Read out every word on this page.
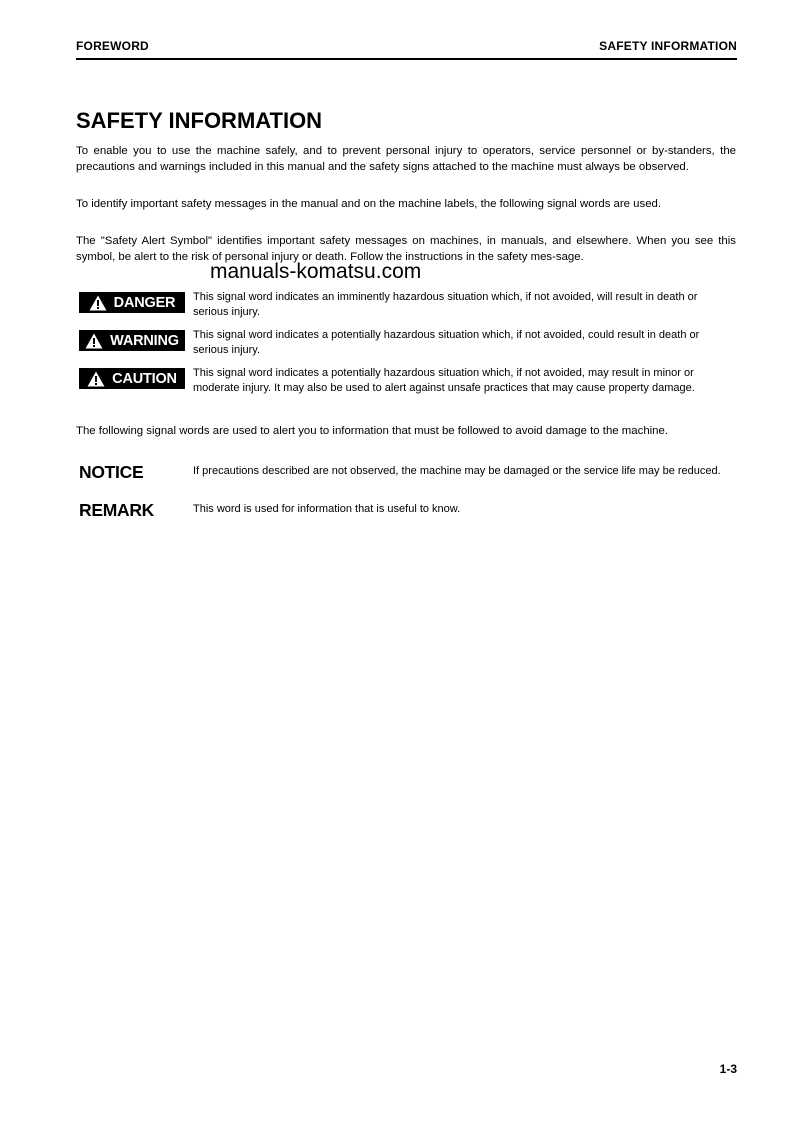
FOREWORD	SAFETY INFORMATION
SAFETY INFORMATION

To enable you to use the machine safely, and to prevent personal injury to operators, service personnel or by-standers, the precautions and warnings included in this manual and the safety signs attached to the machine must always be observed.

To identify important safety messages in the manual and on the machine labels, the following signal words are used.

The "Safety Alert Symbol" identifies important safety messages on machines, in manuals, and elsewhere. When you see this symbol, be alert to the risk of personal injury or death. Follow the instructions in the safety mes-sage.

manuals-komatsu.com
DANGER This signal word indicates an imminently hazardous situation which, if not avoided, will result in death or serious injury.

WARNING This signal word indicates a potentially hazardous situation which, if not avoided, could result in death or serious injury.

CAUTION This signal word indicates a potentially hazardous situation which, if not avoided, may result in minor or moderate injury. It may also be used to alert against unsafe practices that may cause property damage.

The following signal words are used to alert you to information that must be followed to avoid damage to the machine.

NOTICE	If precautions described are not observed, the machine may be damaged or the service life may be reduced.

REMARK	This word is used for information that is useful to know.

1-3
